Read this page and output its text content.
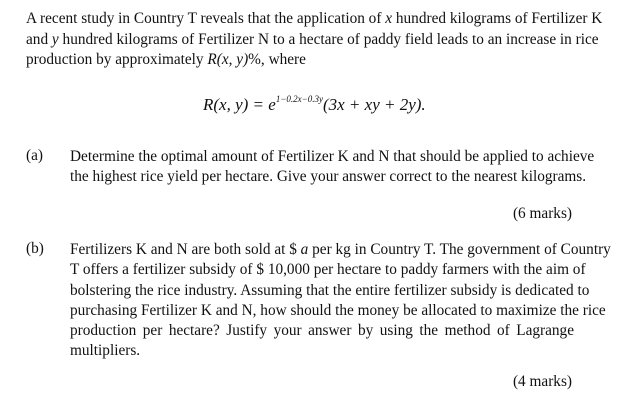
A recent study in Country T reveals that the application of x hundred kilograms of Fertilizer K
and y hundred kilograms of Fertilizer N to a hectare of paddy field leads to an increase in rice
production by approximately R(x, y)%, where
R(x, $y) = e^{1-0.2x-0.3y}(3x$ + xy + 2y).
(a) Determine the optimal amount of Fertilizer K and N that should be applied to achieve
the highest rice yield per hectare. Give your answer correct to the nearest kilograms.
(6 marks)
(b) Fertilizers K and N are both sold at $ a per kg in Country T. The government of Country
T offers a fertilizer subsidy of $ 10,000 per hectare to paddy farmers with the aim of
bolstering the rice industry. Assuming that the entire fertilizer subsidy is dedicated to
purchasing Fertilizer K and N, how should the money be allocated to maximize the rice
production per hectare? Justify your answer by using the method of Lagrange
multipliers.
(4 marks)
